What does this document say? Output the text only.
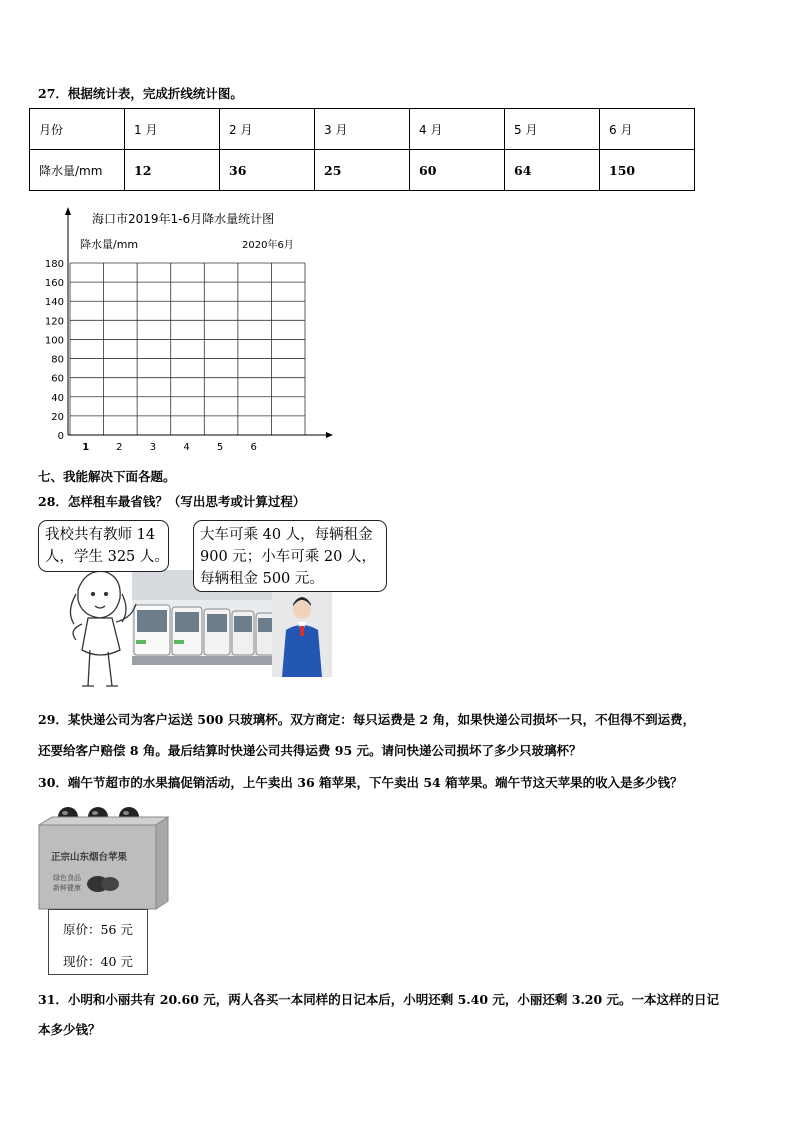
27．根据统计表，完成折线统计图。
月份	1 月	2 月	3 月	4 月	5 月	6 月
降水量/mm	12	36	25	60	64	150
海口市2019年1-6月降水量统计图
降水量/mm	2020年6月
0
20
40
60
80
100
120
140
160
180
1	2	3	4	5	6
七、我能解决下面各题。
28．怎样租车最省钱？（写出思考或计算过程）
我校共有教师 14
人，学生 325 人。
大车可乘 40 人，每辆租金
900 元；小车可乘 20 人，
每辆租金 500 元。
29．某快递公司为客户运送 500 只玻璃杯。双方商定：每只运费是 2 角，如果快递公司损坏一只，不但得不到运费，
还要给客户赔偿 8 角。最后结算时快递公司共得运费 95 元。请问快递公司损坏了多少只玻璃杯？
30．端午节超市的水果搞促销活动，上午卖出 36 箱苹果，下午卖出 54 箱苹果。端午节这天苹果的收入是多少钱？
正宗山东烟台苹果
绿色食品
新鲜健康
原价：56 元
现价：40 元
31．小明和小丽共有 20.60 元，两人各买一本同样的日记本后，小明还剩 5.40 元，小丽还剩 3.20 元。一本这样的日记
本多少钱？
